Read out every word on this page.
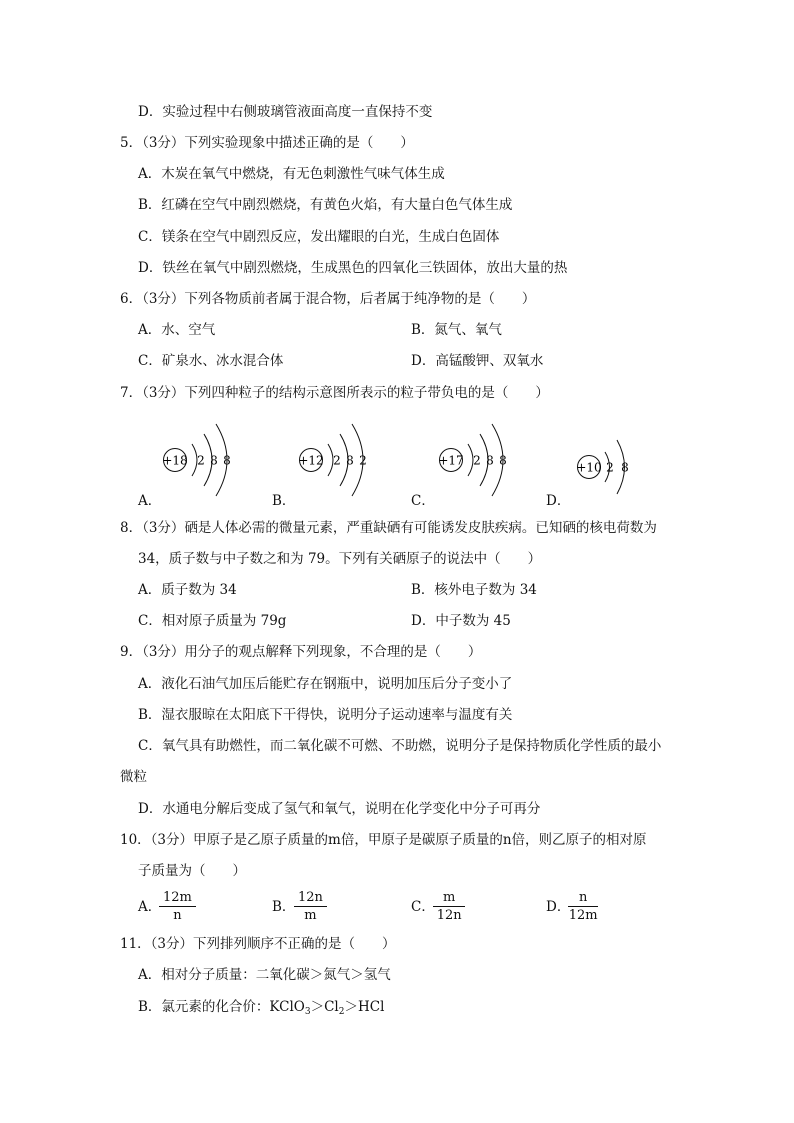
D．实验过程中右侧玻璃管液面高度一直保持不变
5．（3分）下列实验现象中描述正确的是（　　）
A．木炭在氧气中燃烧，有无色刺激性气味气体生成
B．红磷在空气中剧烈燃烧，有黄色火焰，有大量白色气体生成
C．镁条在空气中剧烈反应，发出耀眼的白光，生成白色固体
D．铁丝在氧气中剧烈燃烧，生成黑色的四氧化三铁固体，放出大量的热
6．（3分）下列各物质前者属于混合物，后者属于纯净物的是（　　）
A．水、空气	B．氮气、氧气
C．矿泉水、冰水混合体	D．高锰酸钾、双氧水
7．（3分）下列四种粒子的结构示意图所表示的粒子带负电的是（　　）
A．	B．	C．	D．
+18 2 8 8	+12 2 8 2	+17 2 8 8	+10 2 8
8．（3分）硒是人体必需的微量元素，严重缺硒有可能诱发皮肤疾病。已知硒的核电荷数为
34，质子数与中子数之和为 79。下列有关硒原子的说法中（　　）
A．质子数为 34	B．核外电子数为 34
C．相对原子质量为 79g	D．中子数为 45
9．（3分）用分子的观点解释下列现象，不合理的是（　　）
A．液化石油气加压后能贮存在钢瓶中，说明加压后分子变小了
B．湿衣服晾在太阳底下干得快，说明分子运动速率与温度有关
C．氧气具有助燃性，而二氧化碳不可燃、不助燃，说明分子是保持物质化学性质的最小
微粒
D．水通电分解后变成了氢气和氧气，说明在化学变化中分子可再分
10．（3分）甲原子是乙原子质量的m倍，甲原子是碳原子质量的n倍，则乙原子的相对原
子质量为（　　）
A．
$\frac{12m}{n}$	B．
$\frac{12n}{m}$	C．
$\frac{m}{12n}$	D．
$\frac{n}{12m}$
11．（3分）下列排列顺序不正确的是（　　）
A．相对分子质量：二氧化碳＞氮气＞氢气
B．氯元素的化合价：$KClO_3>Cl_2>HCl$
